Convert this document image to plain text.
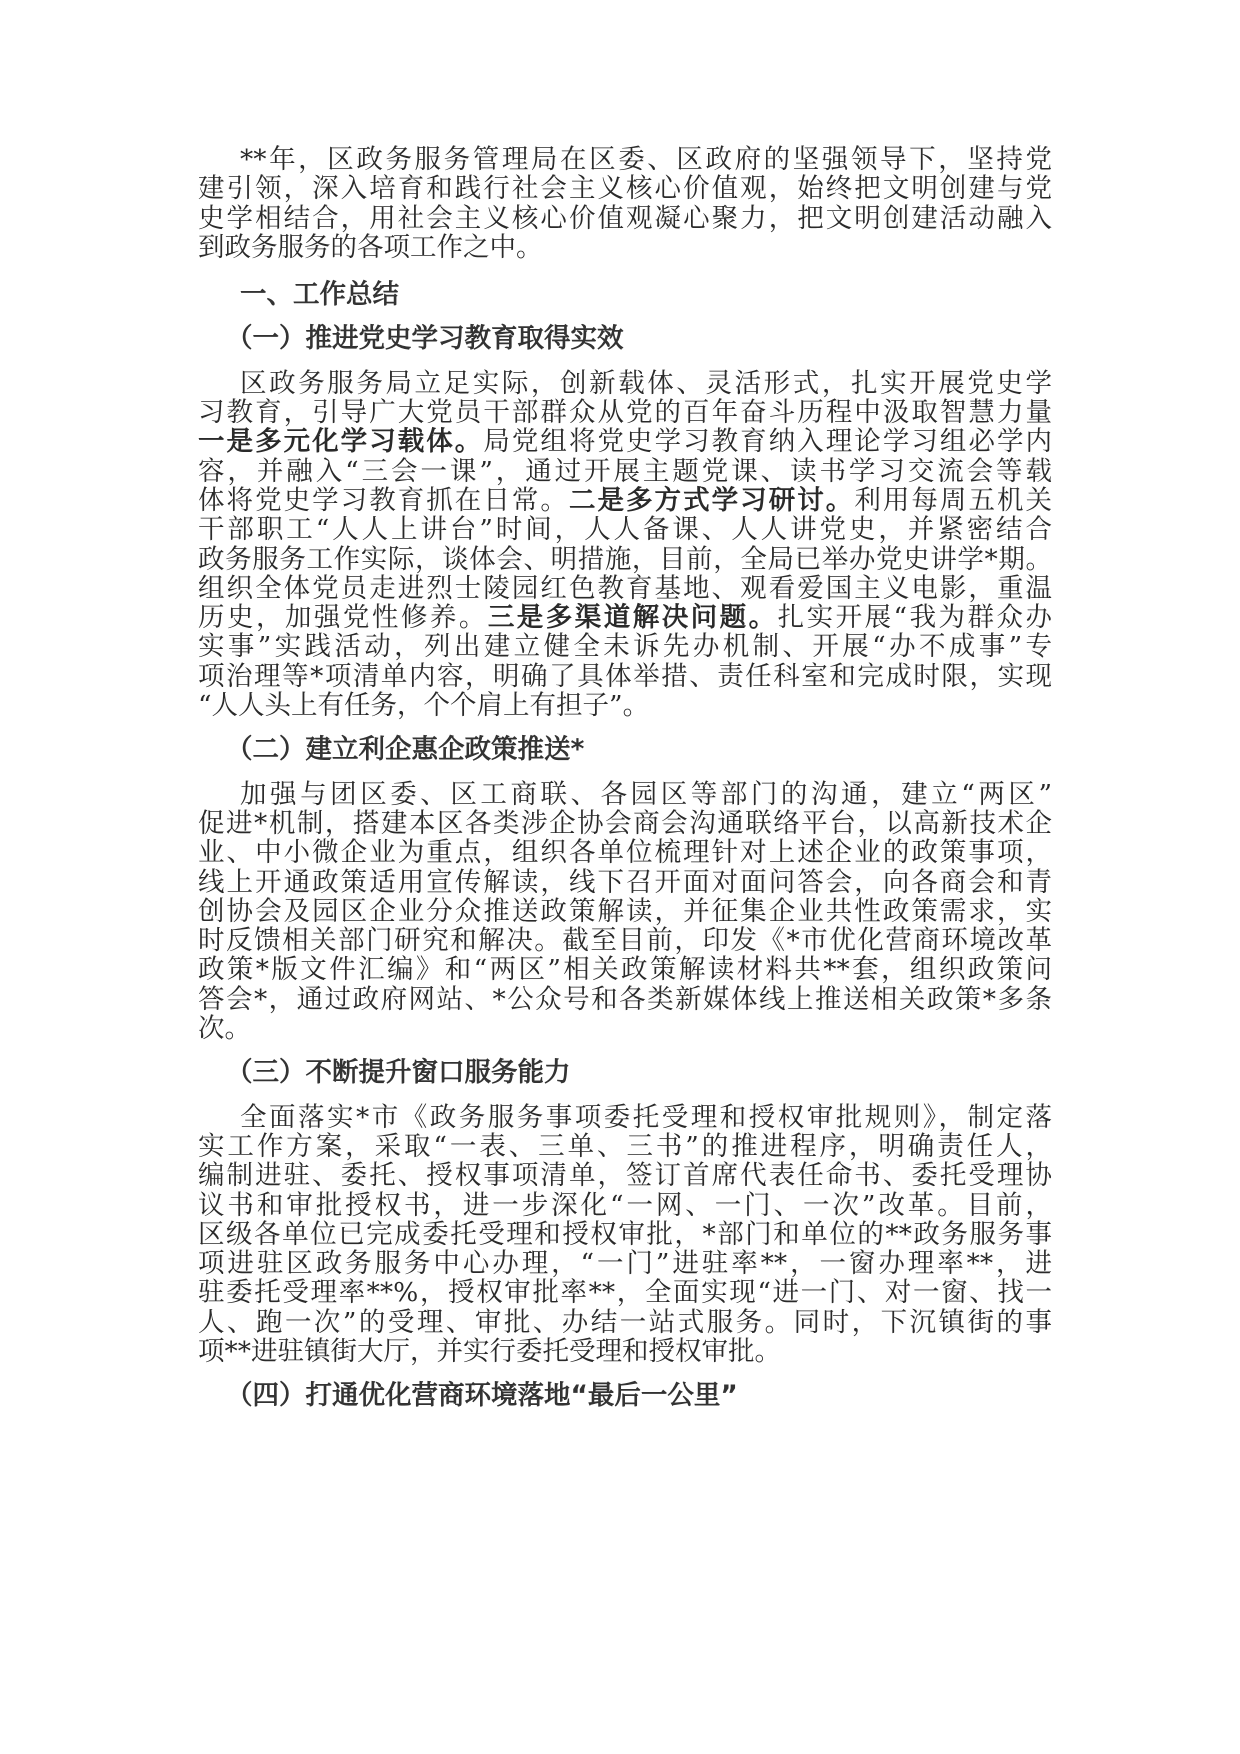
**年，区政务服务管理局在区委、区政府的坚强领导下，坚持党
建引领，深入培育和践行社会主义核心价值观，始终把文明创建与党
史学相结合，用社会主义核心价值观凝心聚力，把文明创建活动融入
到政务服务的各项工作之中。
一、工作总结
（一）推进党史学习教育取得实效
区政务服务局立足实际，创新载体、灵活形式，扎实开展党史学
习教育，引导广大党员干部群众从党的百年奋斗历程中汲取智慧力量
一是多元化学习载体。局党组将党史学习教育纳入理论学习组必学内
容，并融入“三会一课”，通过开展主题党课、读书学习交流会等载
体将党史学习教育抓在日常。二是多方式学习研讨。利用每周五机关
干部职工“人人上讲台”时间，人人备课、人人讲党史，并紧密结合
政务服务工作实际，谈体会、明措施，目前，全局已举办党史讲学*期。
组织全体党员走进烈士陵园红色教育基地、观看爱国主义电影，重温
历史，加强党性修养。三是多渠道解决问题。扎实开展“我为群众办
实事”实践活动，列出建立健全未诉先办机制、开展“办不成事”专
项治理等*项清单内容，明确了具体举措、责任科室和完成时限，实现
“人人头上有任务，个个肩上有担子”。
（二）建立利企惠企政策推送*
加强与团区委、区工商联、各园区等部门的沟通，建立“两区”
促进*机制，搭建本区各类涉企协会商会沟通联络平台，以高新技术企
业、中小微企业为重点，组织各单位梳理针对上述企业的政策事项，
线上开通政策适用宣传解读，线下召开面对面问答会，向各商会和青
创协会及园区企业分众推送政策解读，并征集企业共性政策需求，实
时反馈相关部门研究和解决。截至目前，印发《*市优化营商环境改革
政策*版文件汇编》和“两区”相关政策解读材料共**套，组织政策问
答会*，通过政府网站、*公众号和各类新媒体线上推送相关政策*多条
次。
（三）不断提升窗口服务能力
全面落实*市《政务服务事项委托受理和授权审批规则》，制定落
实工作方案，采取“一表、三单、三书”的推进程序，明确责任人，
编制进驻、委托、授权事项清单，签订首席代表任命书、委托受理协
议书和审批授权书，进一步深化“一网、一门、一次”改革。目前，
区级各单位已完成委托受理和授权审批，*部门和单位的**政务服务事
项进驻区政务服务中心办理，“一门”进驻率**，一窗办理率**，进
驻委托受理率**%，授权审批率**，全面实现“进一门、对一窗、找一
人、跑一次”的受理、审批、办结一站式服务。同时，下沉镇街的事
项**进驻镇街大厅，并实行委托受理和授权审批。
（四）打通优化营商环境落地“最后一公里”
